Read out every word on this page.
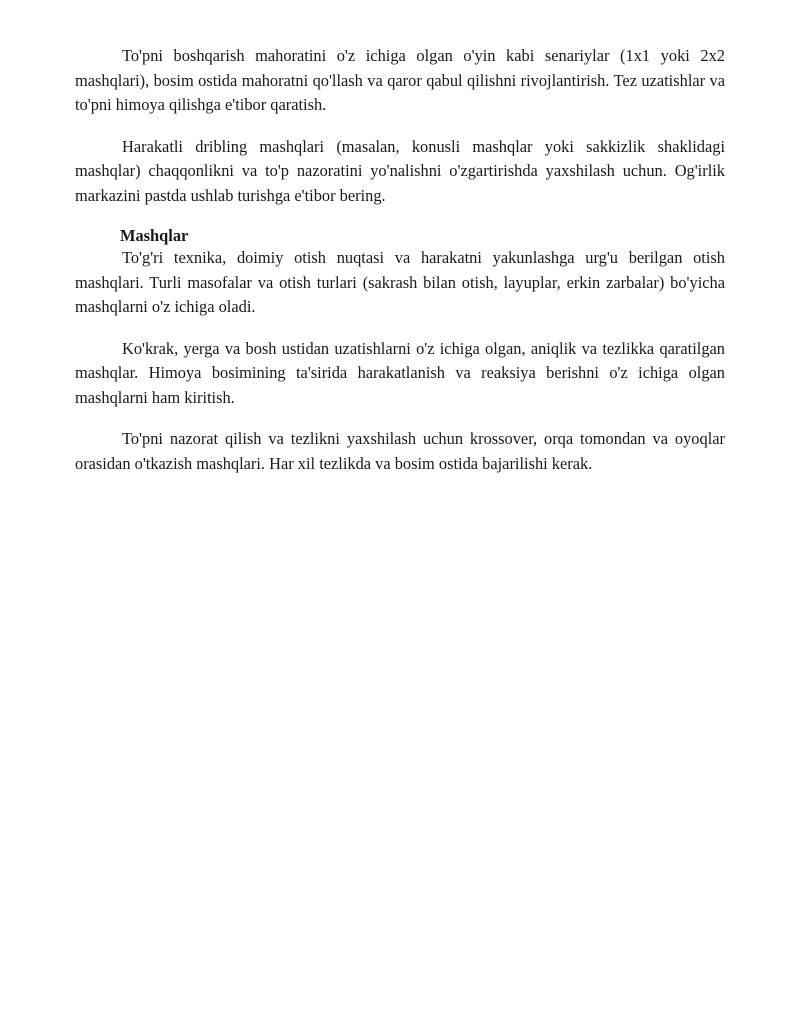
To'pni boshqarish mahoratini o'z ichiga olgan o'yin kabi senariylar (1x1 yoki 2x2 mashqlari), bosim ostida mahoratni qo'llash va qaror qabul qilishni rivojlantirish. Tez uzatishlar va to'pni himoya qilishga e'tibor qaratish.

Harakatli dribling mashqlari (masalan, konusli mashqlar yoki sakkizlik shaklidagi mashqlar) chaqqonlikni va to'p nazoratini yo'nalishni o'zgartirishda yaxshilash uchun. Og'irlik markazini pastda ushlab turishga e'tibor bering.

Mashqlar

To'g'ri texnika, doimiy otish nuqtasi va harakatni yakunlashga urg'u berilgan otish mashqlari. Turli masofalar va otish turlari (sakrash bilan otish, layuplar, erkin zarbalar) bo'yicha mashqlarni o'z ichiga oladi.

Ko'krak, yerga va bosh ustidan uzatishlarni o'z ichiga olgan, aniqlik va tezlikka qaratilgan mashqlar. Himoya bosimining ta'sirida harakatlanish va reaksiya berishni o'z ichiga olgan mashqlarni ham kiritish.

To'pni nazorat qilish va tezlikni yaxshilash uchun krossover, orqa tomondan va oyoqlar orasidan o'tkazish mashqlari. Har xil tezlikda va bosim ostida bajarilishi kerak.
